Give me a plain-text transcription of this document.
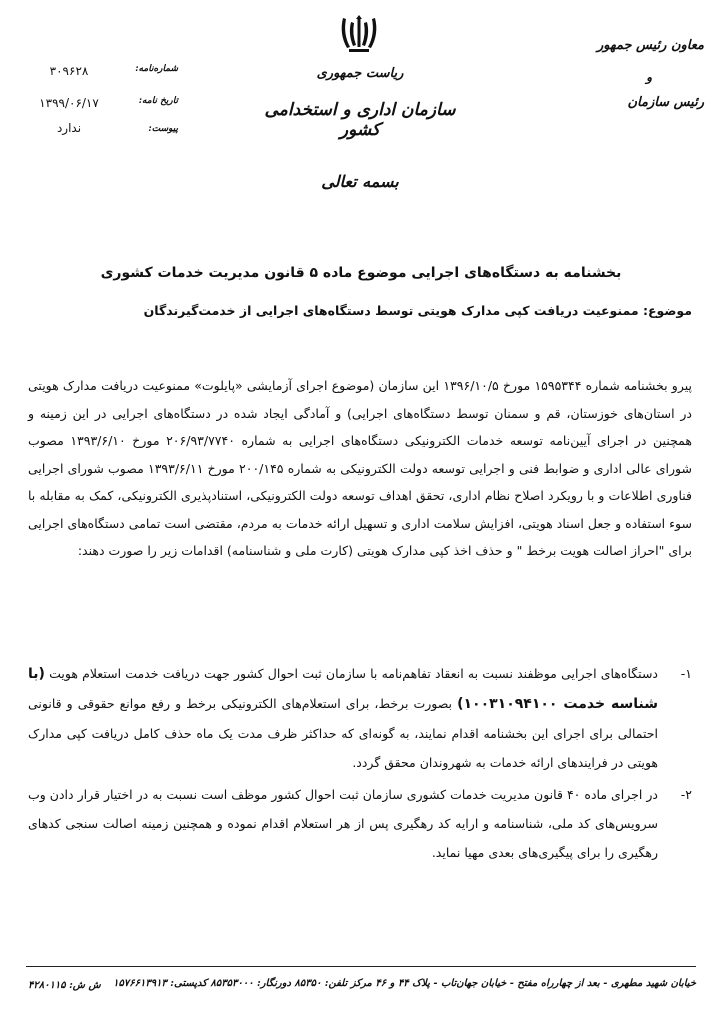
ریاست جمهوری
سازمان اداری و استخدامی کشور
معاون رئیس جمهور
و
رئیس سازمان
شماره‌نامه:
۳۰۹۶۲۸
تاریخ نامه:
۱۳۹۹/۰۶/۱۷
پیوست:
ندارد
بسمه تعالی
بخشنامه به دستگاه‌های اجرایی موضوع ماده ۵ قانون مدیریت خدمات کشوری
موضوع: ممنوعیت دریافت کپی مدارک هویتی توسط دستگاه‌های اجرایی از خدمت‌گیرندگان
پیرو بخشنامه شماره ۱۵۹۵۳۴۴ مورخ ۱۳۹۶/۱۰/۵ این سازمان (موضوع اجرای آزمایشی «پایلوت» ممنوعیت دریافت مدارک هویتی در استان‌های خوزستان، قم و سمنان توسط دستگاه‌های اجرایی) و آمادگی ایجاد شده در دستگاه‌های اجرایی در این زمینه و همچنین در اجرای آیین‌نامه توسعه خدمات الکترونیکی دستگاه‌های اجرایی به شماره ۲۰۶/۹۳/۷۷۴۰ مورخ ۱۳۹۳/۶/۱۰ مصوب شورای عالی اداری و ضوابط فنی و اجرایی توسعه دولت الکترونیکی به شماره ۲۰۰/۱۴۵ مورخ ۱۳۹۳/۶/۱۱ مصوب شورای اجرایی فناوری اطلاعات و با رویکرد اصلاح نظام اداری، تحقق اهداف توسعه دولت الکترونیکی، استنادپذیری الکترونیکی، کمک به مقابله با سوء استفاده و جعل اسناد هویتی، افزایش سلامت اداری و تسهیل ارائه خدمات به مردم، مقتضی است تمامی دستگاه‌های اجرایی برای "احراز اصالت هویت برخط " و حذف اخذ کپی مدارک هویتی (کارت ملی و شناسنامه) اقدامات زیر را صورت دهند:
۱-
دستگاه‌های اجرایی موظفند نسبت به انعقاد تفاهم‌نامه با سازمان ثبت احوال کشور جهت دریافت خدمت استعلام هویت (با شناسه خدمت ۱۰۰۳۱۰۹۴۱۰۰) بصورت برخط، برای استعلام‌های الکترونیکی برخط و رفع موانع حقوقی و قانونی احتمالی برای اجرای این بخشنامه اقدام نمایند، به گونه‌ای که حداکثر ظرف مدت یک ماه حذف کامل دریافت کپی مدارک هویتی در فرایندهای ارائه خدمات به شهروندان محقق گردد.
۲-
در اجرای ماده ۴۰ قانون مدیریت خدمات کشوری سازمان ثبت احوال کشور موظف است نسبت به در اختیار قرار دادن وب سرویس‌های کد ملی، شناسنامه و ارایه کد رهگیری پس از هر استعلام اقدام نموده و همچنین زمینه اصالت سنجی کدهای رهگیری را برای پیگیری‌های بعدی مهیا نماید.
خیابان شهید مطهری - بعد از چهارراه مفتح - خیابان جهان‌تاب - پلاک ۴۴ و ۴۶ مرکز تلفن: ۸۵۳۵۰ دورنگار: ۸۵۳۵۳۰۰۰ کدپستی: ۱۵۷۶۶۱۳۹۱۳
ش ش: ۴۲۸۰۱۱۵
